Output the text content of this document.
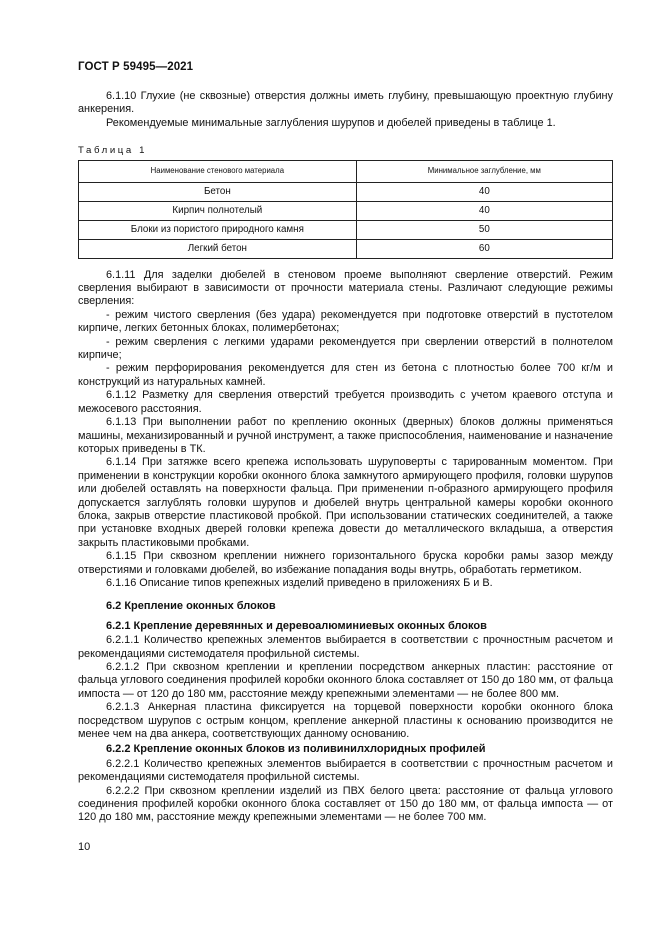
ГОСТ Р 59495—2021

6.1.10 Глухие (не сквозные) отверстия должны иметь глубину, превышающую проектную глубину анкерения.

Рекомендуемые минимальные заглубления шурупов и дюбелей приведены в таблице 1.

Таблица 1
Наименование стенового материала	Минимальное заглубление, мм
Бетон	40
Кирпич полнотелый	40
Блоки из пористого природного камня	50
Легкий бетон	60

6.1.11 Для заделки дюбелей в стеновом проеме выполняют сверление отверстий. Режим сверления выбирают в зависимости от прочности материала стены. Различают следующие режимы сверления:

- режим чистого сверления (без удара) рекомендуется при подготовке отверстий в пустотелом кирпиче, легких бетонных блоках, полимербетонах;

- режим сверления с легкими ударами рекомендуется при сверлении отверстий в полнотелом кирпиче;

- режим перфорирования рекомендуется для стен из бетона с плотностью более 700 кг/м и конструкций из натуральных камней.

6.1.12 Разметку для сверления отверстий требуется производить с учетом краевого отступа и межосевого расстояния.

6.1.13 При выполнении работ по креплению оконных (дверных) блоков должны применяться машины, механизированный и ручной инструмент, а также приспособления, наименование и назначение которых приведены в ТК.

6.1.14 При затяжке всего крепежа использовать шуруповерты с тарированным моментом. При применении в конструкции коробки оконного блока замкнутого армирующего профиля, головки шурупов или дюбелей оставлять на поверхности фальца. При применении п-образного армирующего профиля допускается заглублять головки шурупов и дюбелей внутрь центральной камеры коробки оконного блока, закрыв отверстие пластиковой пробкой. При использовании статических соединителей, а также при установке входных дверей головки крепежа довести до металлического вкладыша, а отверстия закрыть пластиковыми пробками.

6.1.15 При сквозном креплении нижнего горизонтального бруска коробки рамы зазор между отверстиями и головками дюбелей, во избежание попадания воды внутрь, обработать герметиком.

6.1.16 Описание типов крепежных изделий приведено в приложениях Б и В.

6.2 Крепление оконных блоков

6.2.1 Крепление деревянных и деревоалюминиевых оконных блоков

6.2.1.1 Количество крепежных элементов выбирается в соответствии с прочностным расчетом и рекомендациями системодателя профильной системы.

6.2.1.2 При сквозном креплении и креплении посредством анкерных пластин: расстояние от фальца углового соединения профилей коробки оконного блока составляет от 150 до 180 мм, от фальца импоста — от 120 до 180 мм, расстояние между крепежными элементами — не более 800 мм.

6.2.1.3 Анкерная пластина фиксируется на торцевой поверхности коробки оконного блока посредством шурупов с острым концом, крепление анкерной пластины к основанию производится не менее чем на два анкера, соответствующих данному основанию.

6.2.2 Крепление оконных блоков из поливинилхлоридных профилей

6.2.2.1 Количество крепежных элементов выбирается в соответствии с прочностным расчетом и рекомендациями системодателя профильной системы.

6.2.2.2 При сквозном креплении изделий из ПВХ белого цвета: расстояние от фальца углового соединения профилей коробки оконного блока составляет от 150 до 180 мм, от фальца импоста — от 120 до 180 мм, расстояние между крепежными элементами — не более 700 мм.

10
